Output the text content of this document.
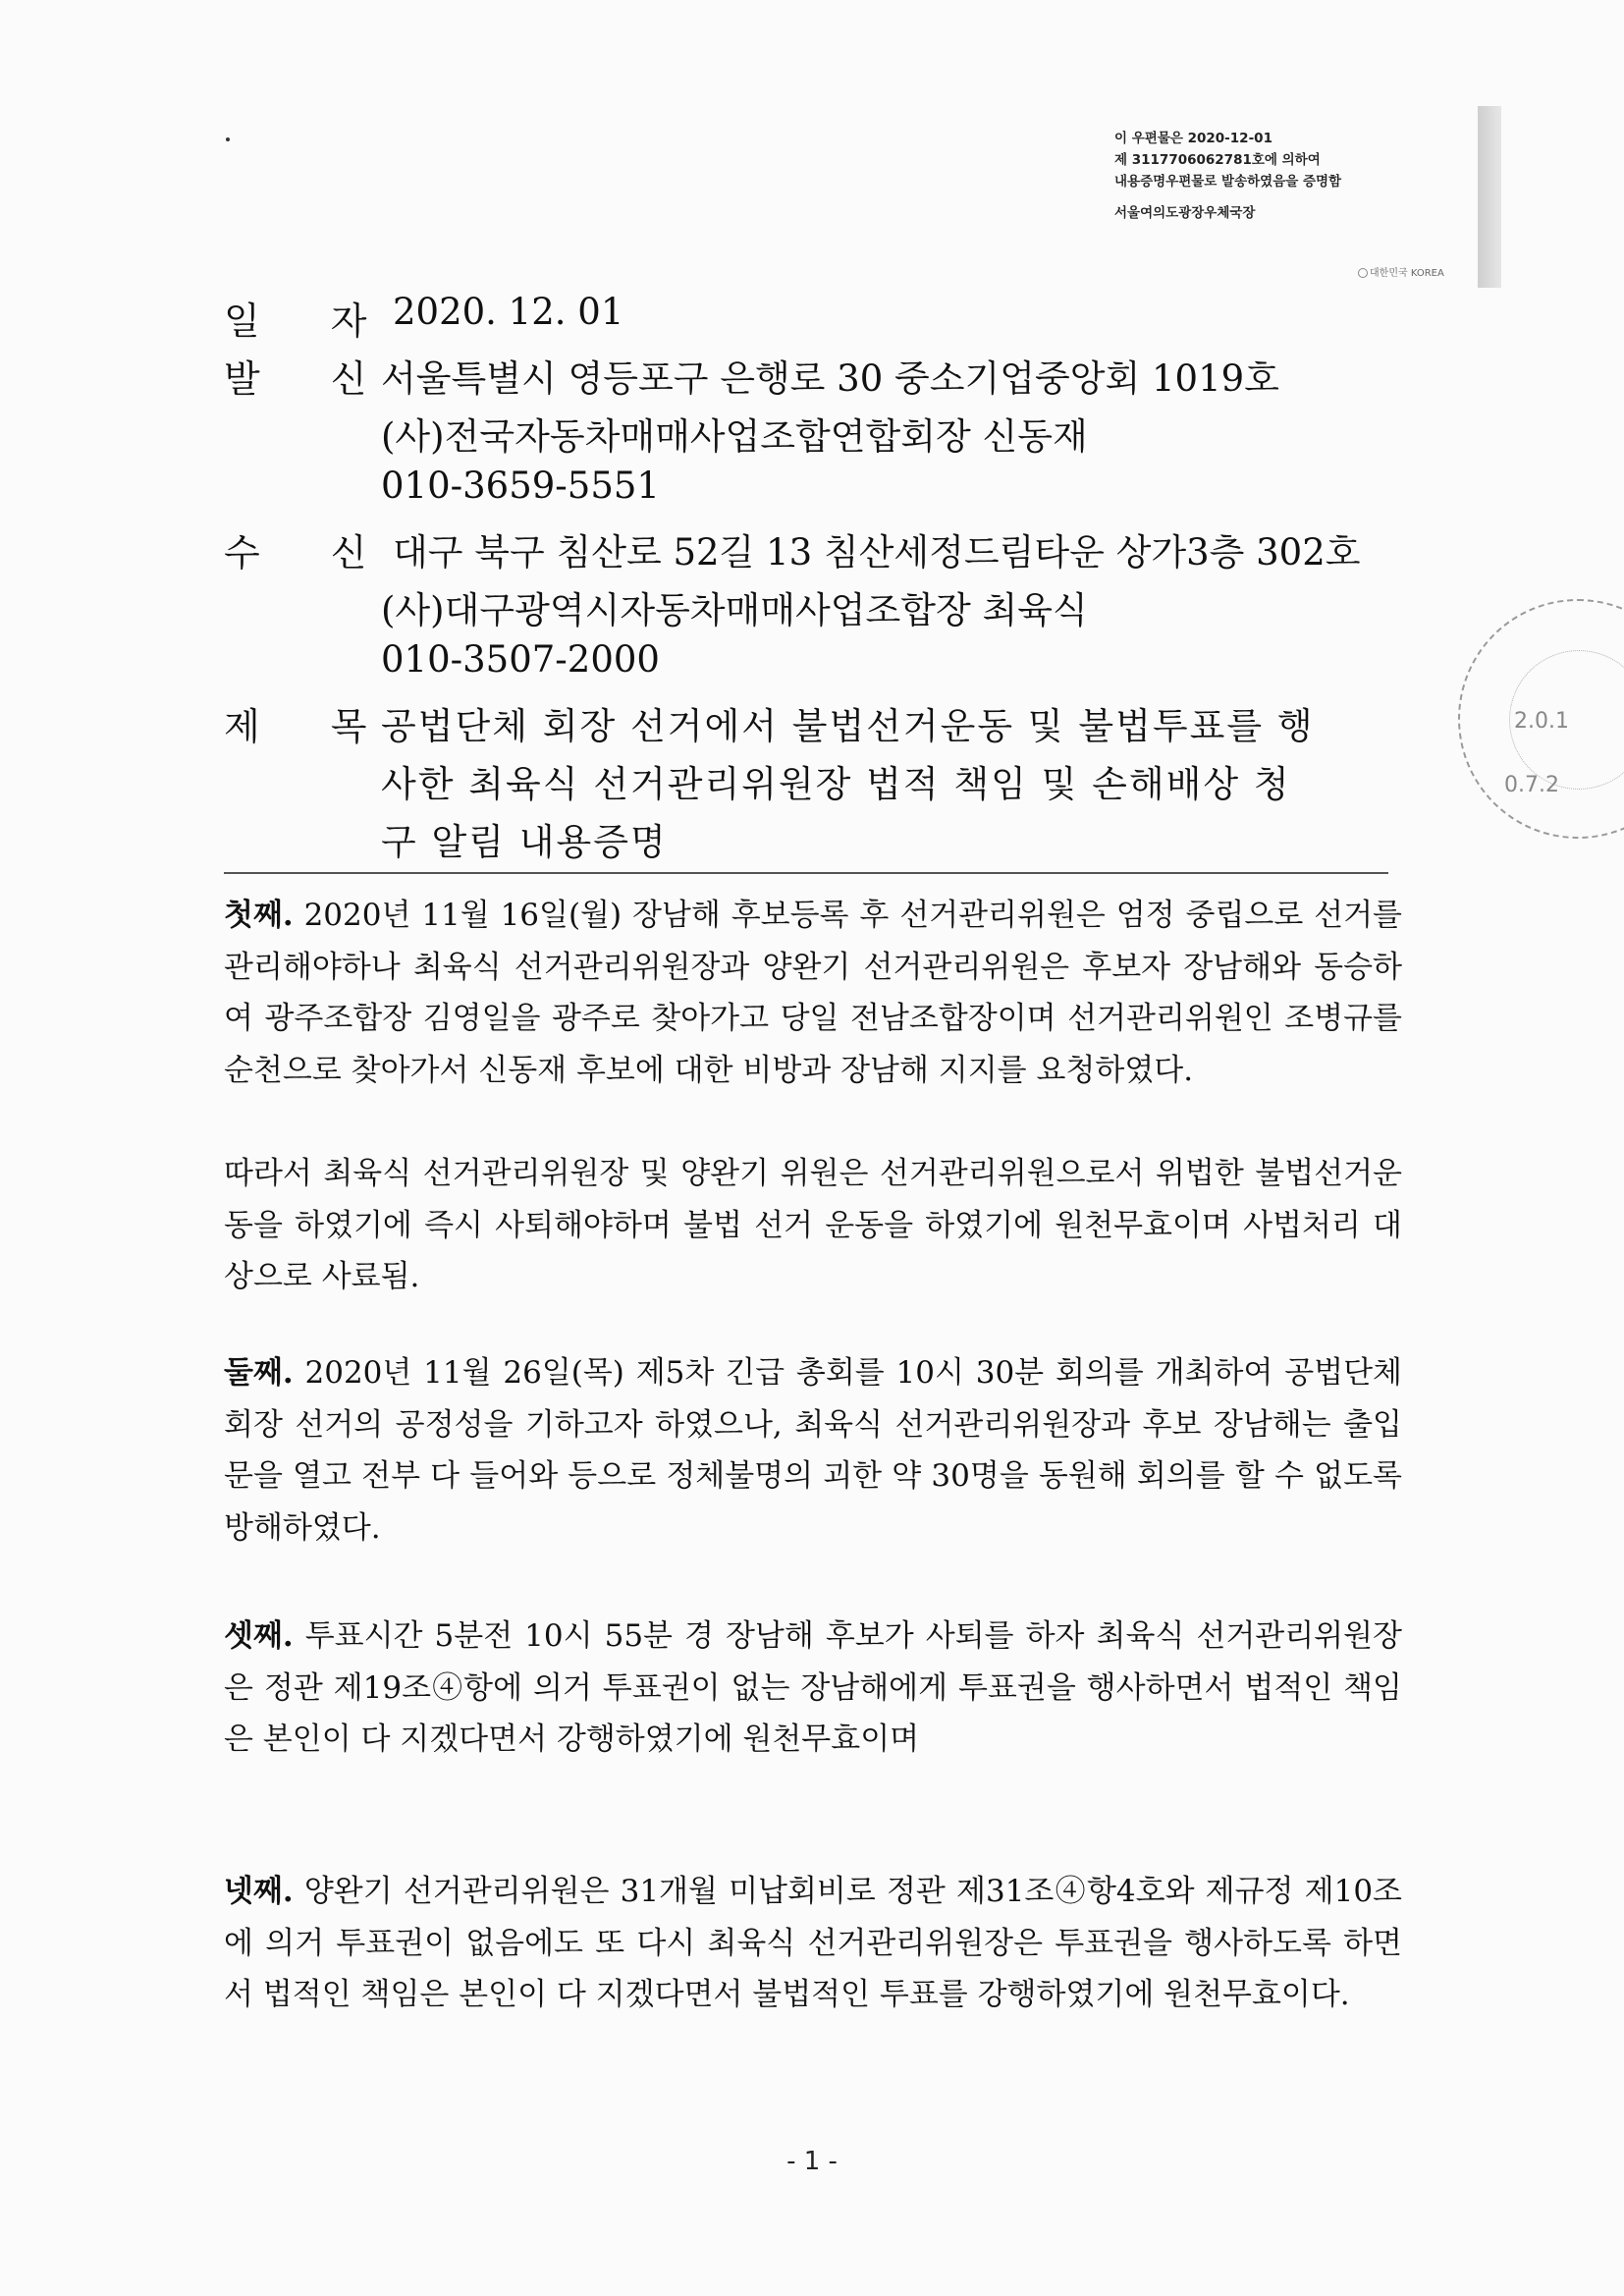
이 우편물은 2020-12-01
제 3117706062781호에 의하여
내용증명우편물로 발송하였음을 증명함
서울여의도광장우체국장
대한민국 KOREA
2.0.1
0.7.2
일 자
2020. 12. 01
발 신
서울특별시 영등포구 은행로 30 중소기업중앙회 1019호
(사)전국자동차매매사업조합연합회장 신동재
010-3659-5551
수 신
대구 북구 침산로 52길 13 침산세정드림타운 상가3층 302호
(사)대구광역시자동차매매사업조합장 최육식
010-3507-2000
제 목
공법단체 회장 선거에서 불법선거운동 및 불법투표를 행
사한 최육식 선거관리위원장 법적 책임 및 손해배상 청
구 알림 내용증명
첫째. 2020년 11월 16일(월) 장남해 후보등록 후 선거관리위원은 엄정 중립으로 선거를 관리해야하나 최육식 선거관리위원장과 양완기 선거관리위원은 후보자 장남해와 동승하여 광주조합장 김영일을 광주로 찾아가고 당일 전남조합장이며 선거관리위원인 조병규를 순천으로 찾아가서 신동재 후보에 대한 비방과 장남해 지지를 요청하였다.
따라서 최육식 선거관리위원장 및 양완기 위원은 선거관리위원으로서 위법한 불법선거운동을 하였기에 즉시 사퇴해야하며 불법 선거 운동을 하였기에 원천무효이며 사법처리 대상으로 사료됨.
둘째. 2020년 11월 26일(목) 제5차 긴급 총회를 10시 30분 회의를 개최하여 공법단체 회장 선거의 공정성을 기하고자 하였으나, 최육식 선거관리위원장과 후보 장남해는 출입문을 열고 전부 다 들어와 등으로 정체불명의 괴한 약 30명을 동원해 회의를 할 수 없도록 방해하였다.
셋째. 투표시간 5분전 10시 55분 경 장남해 후보가 사퇴를 하자 최육식 선거관리위원장은 정관 제19조④항에 의거 투표권이 없는 장남해에게 투표권을 행사하면서 법적인 책임은 본인이 다 지겠다면서 강행하였기에 원천무효이며
넷째. 양완기 선거관리위원은 31개월 미납회비로 정관 제31조④항4호와 제규정 제10조에 의거 투표권이 없음에도 또 다시 최육식 선거관리위원장은 투표권을 행사하도록 하면서 법적인 책임은 본인이 다 지겠다면서 불법적인 투표를 강행하였기에 원천무효이다.
- 1 -
